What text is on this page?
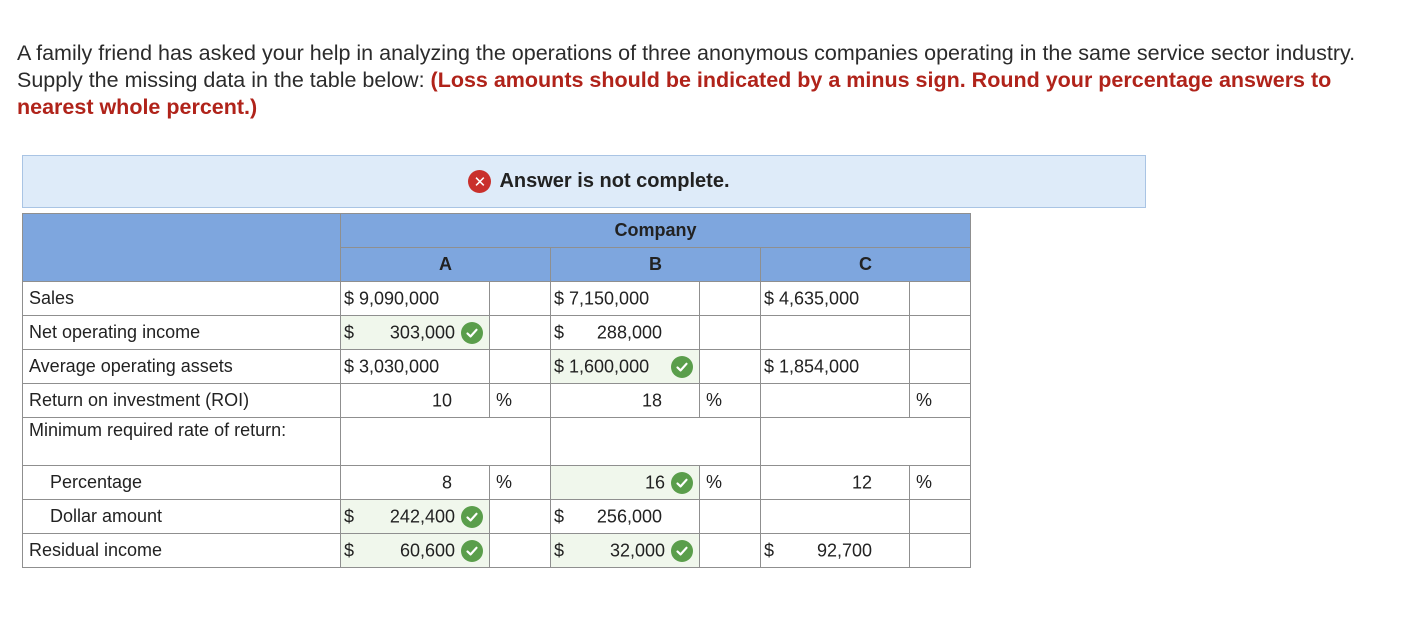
A family friend has asked your help in analyzing the operations of three anonymous companies operating in the same service sector industry. Supply the missing data in the table below: (Loss amounts should be indicated by a minus sign. Round your percentage answers to nearest whole percent.)
✕ Answer is not complete.
	Company					
	A		B		C	
Sales	$ 9,090,000		$ 7,150,000		$ 4,635,000	

Net operating income	$ 303,000		$ 288,000			

Average operating assets	$ 3,030,000		$ 1,600,000		$ 1,854,000	

Return on investment (ROI)	10	%	18	%		%
Minimum required rate of return:						
Percentage	8	%	16	%	12	%
Dollar amount	$ 242,400		$ 256,000			

Residual income	$ 60,600		$ 32,000		$ 92,700	
